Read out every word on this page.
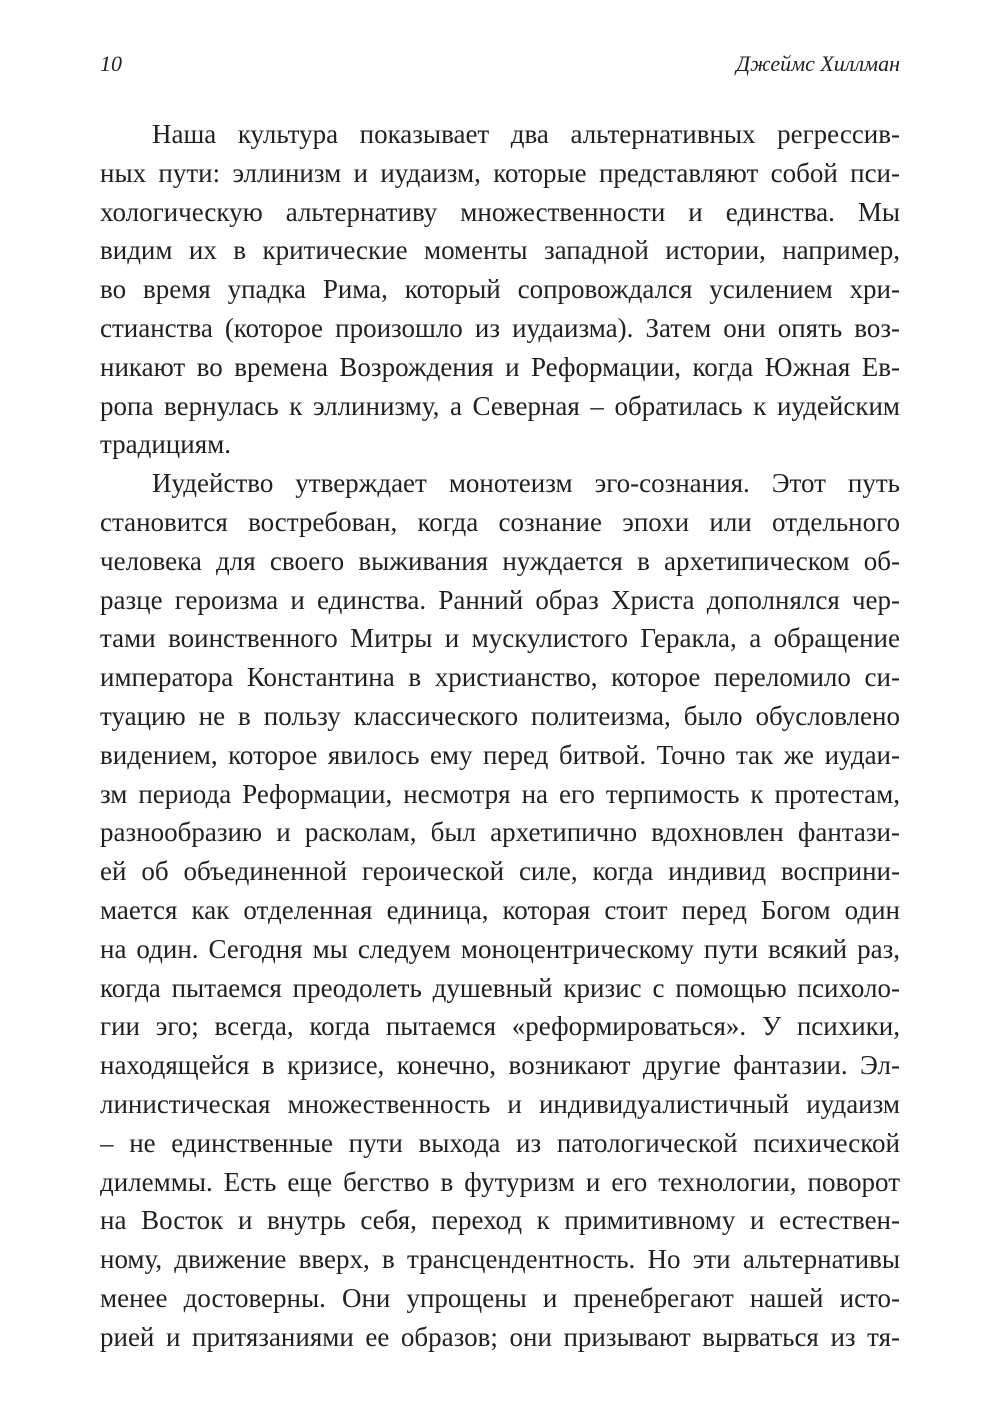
10	Джеймс Хиллман
Наша культура показывает два альтернативных регрессив-
ных пути: эллинизм и иудаизм, которые представляют собой пси-
хологическую альтернативу множественности и единства. Мы
видим их в критические моменты западной истории, например,
во время упадка Рима, который сопровождался усилением хри-
стианства (которое произошло из иудаизма). Затем они опять воз-
никают во времена Возрождения и Реформации, когда Южная Ев-
ропа вернулась к эллинизму, а Северная – обратилась к иудейским
традициям.
Иудейство утверждает монотеизм эго-сознания. Этот путь
становится востребован, когда сознание эпохи или отдельного
человека для своего выживания нуждается в архетипическом об-
разце героизма и единства. Ранний образ Христа дополнялся чер-
тами воинственного Митры и мускулистого Геракла, а обращение
императора Константина в христианство, которое переломило си-
туацию не в пользу классического политеизма, было обусловлено
видением, которое явилось ему перед битвой. Точно так же иудаи-
зм периода Реформации, несмотря на его терпимость к протестам,
разнообразию и расколам, был архетипично вдохновлен фантази-
ей об объединенной героической силе, когда индивид восприни-
мается как отделенная единица, которая стоит перед Богом один
на один. Сегодня мы следуем моноцентрическому пути всякий раз,
когда пытаемся преодолеть душевный кризис с помощью психоло-
гии эго; всегда, когда пытаемся «реформироваться». У психики,
находящейся в кризисе, конечно, возникают другие фантазии. Эл-
линистическая множественность и индивидуалистичный иудаизм
– не единственные пути выхода из патологической психической
дилеммы. Есть еще бегство в футуризм и его технологии, поворот
на Восток и внутрь себя, переход к примитивному и естествен-
ному, движение вверх, в трансцендентность. Но эти альтернативы
менее достоверны. Они упрощены и пренебрегают нашей исто-
рией и притязаниями ее образов; они призывают вырваться из тя-
